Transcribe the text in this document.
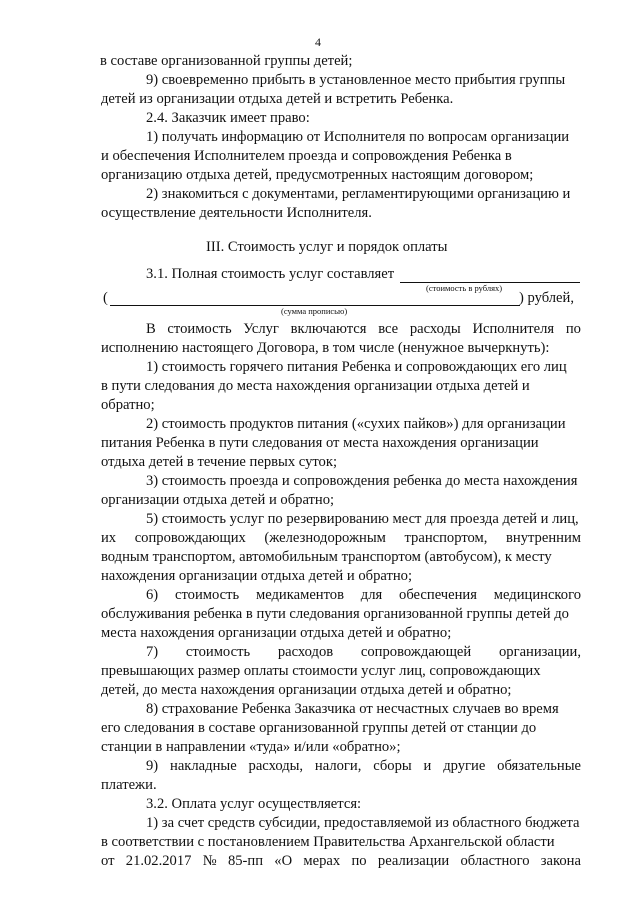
4
в составе организованной группы детей;
9) своевременно прибыть в установленное место прибытия группы
детей из организации отдыха детей и встретить Ребенка.
2.4. Заказчик имеет право:
1) получать информацию от Исполнителя по вопросам организации
и обеспечения Исполнителем проезда и сопровождения Ребенка в
организацию отдыха детей, предусмотренных настоящим договором;
2) знакомиться с документами, регламентирующими организацию и
осуществление деятельности Исполнителя.
III. Стоимость услуг и порядок оплаты
3.1. Полная стоимость услуг составляет
(стоимость в рублях)
(	) рублей,
(сумма прописью)
В стоимость Услуг включаются все расходы Исполнителя по
исполнению настоящего Договора, в том числе (ненужное вычеркнуть):
1) стоимость горячего питания Ребенка и сопровождающих его лиц
в пути следования до места нахождения организации отдыха детей и
обратно;
2) стоимость продуктов питания («сухих пайков») для организации
питания Ребенка в пути следования от места нахождения организации
отдыха детей в течение первых суток;
3) стоимость проезда и сопровождения ребенка до места нахождения
организации отдыха детей и обратно;
5) стоимость услуг по резервированию мест для проезда детей и лиц,
их сопровождающих (железнодорожным транспортом, внутренним
водным транспортом, автомобильным транспортом (автобусом), к месту
нахождения организации отдыха детей и обратно;
6) стоимость медикаментов для обеспечения медицинского
обслуживания ребенка в пути следования организованной группы детей до
места нахождения организации отдыха детей и обратно;
7) стоимость расходов сопровождающей организации,
превышающих размер оплаты стоимости услуг лиц, сопровождающих
детей, до места нахождения организации отдыха детей и обратно;
8) страхование Ребенка Заказчика от несчастных случаев во время
его следования в составе организованной группы детей от станции до
станции в направлении «туда» и/или «обратно»;
9) накладные расходы, налоги, сборы и другие обязательные
платежи.
3.2. Оплата услуг осуществляется:
1) за счет средств субсидии, предоставляемой из областного бюджета
в соответствии с постановлением Правительства Архангельской области
от 21.02.2017 № 85-пп «О мерах по реализации областного закона
